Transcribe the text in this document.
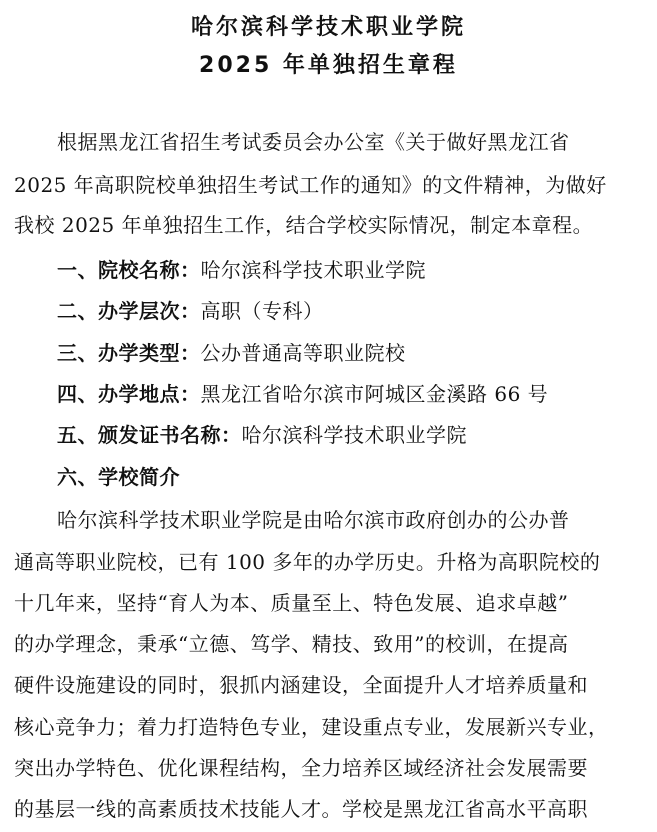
哈尔滨科学技术职业学院
2025 年单独招生章程
根据黑龙江省招生考试委员会办公室《关于做好黑龙江省
2025 年高职院校单独招生考试工作的通知》的文件精神，为做好
我校 2025 年单独招生工作，结合学校实际情况，制定本章程。
一、院校名称：哈尔滨科学技术职业学院
二、办学层次：高职（专科）
三、办学类型：公办普通高等职业院校
四、办学地点：黑龙江省哈尔滨市阿城区金溪路 66 号
五、颁发证书名称：哈尔滨科学技术职业学院
六、学校简介
哈尔滨科学技术职业学院是由哈尔滨市政府创办的公办普
通高等职业院校，已有 100 多年的办学历史。升格为高职院校的
十几年来，坚持“育人为本、质量至上、特色发展、追求卓越”
的办学理念，秉承“立德、笃学、精技、致用”的校训，在提高
硬件设施建设的同时，狠抓内涵建设，全面提升人才培养质量和
核心竞争力；着力打造特色专业，建设重点专业，发展新兴专业，
突出办学特色、优化课程结构，全力培养区域经济社会发展需要
的基层一线的高素质技术技能人才。学校是黑龙江省高水平高职
